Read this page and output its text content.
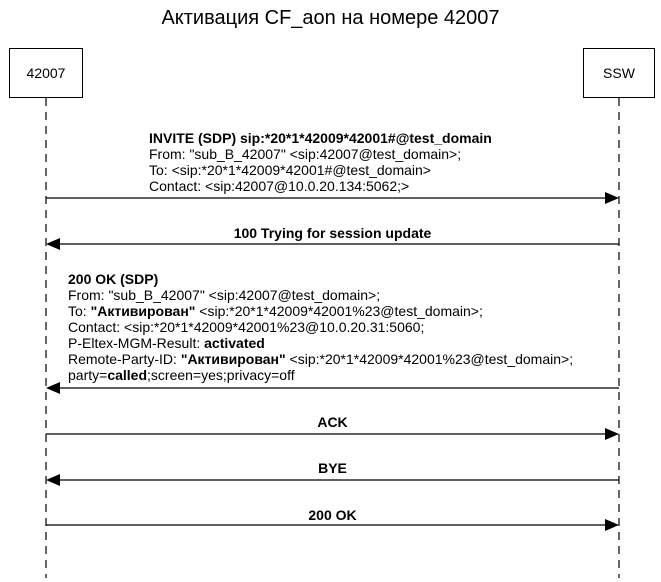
Активация CF_aon на номере 42007
42007	SSW
INVITE (SDP) sip:*20*1*42009*42001#@test_domain
From: "sub_B_42007" <sip:42007@test_domain>;
To: <sip:*20*1*42009*42001#@test_domain>
Contact: <sip:42007@10.0.20.134:5062;>
100 Trying for session update
200 OK (SDP)
From: "sub_B_42007" <sip:42007@test_domain>;
To: "Активирован" <sip:*20*1*42009*42001%23@test_domain>;
Contact: <sip:*20*1*42009*42001%23@10.0.20.31:5060;
P-Eltex-MGM-Result: activated
Remote-Party-ID: "Активирован" <sip:*20*1*42009*42001%23@test_domain>;
party=called;screen=yes;privacy=off
ACK
BYE
200 OK
